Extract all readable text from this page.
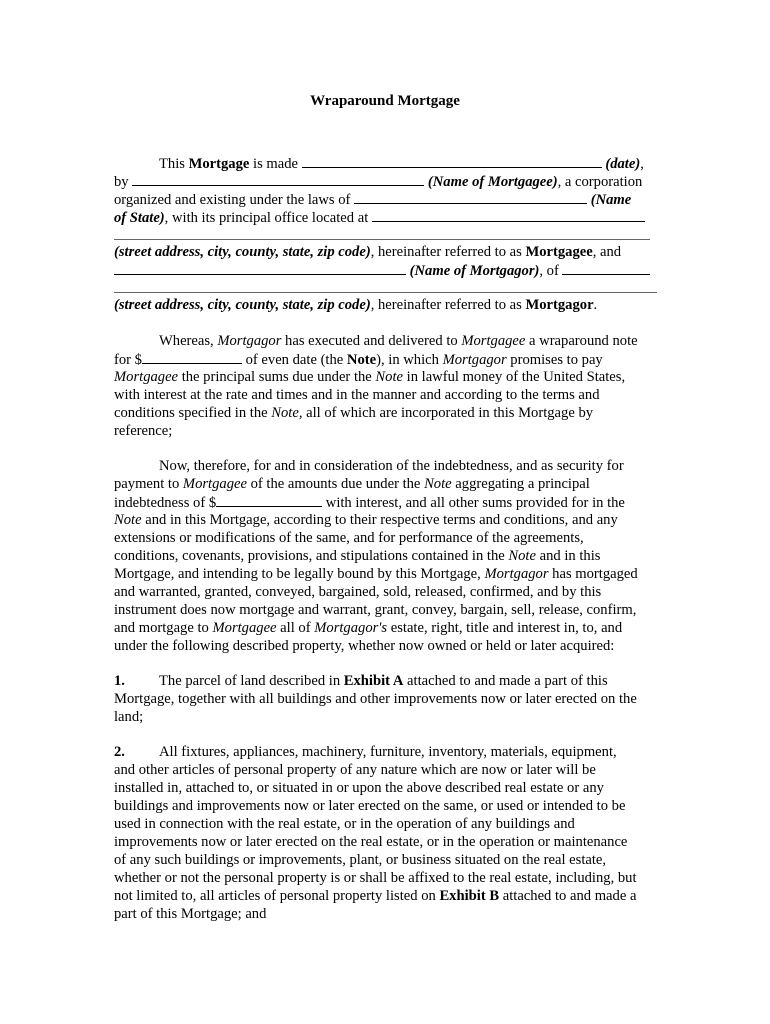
Wraparound Mortgage
This Mortgage is made	(date),
by	(Name of Mortgagee), a corporation
organized and existing under the laws of	(Name
of State), with its principal office located at
(street address, city, county, state, zip code), hereinafter referred to as Mortgagee, and
(Name of Mortgagor), of
(street address, city, county, state, zip code), hereinafter referred to as Mortgagor.
Whereas, Mortgagor has executed and delivered to Mortgagee a wraparound note
for $	of even date (the Note), in which Mortgagor promises to pay
Mortgagee the principal sums due under the Note in lawful money of the United States,
with interest at the rate and times and in the manner and according to the terms and
conditions specified in the Note, all of which are incorporated in this Mortgage by
reference;
Now, therefore, for and in consideration of the indebtedness, and as security for
payment to Mortgagee of the amounts due under the Note aggregating a principal
indebtedness of $	with interest, and all other sums provided for in the
Note and in this Mortgage, according to their respective terms and conditions, and any
extensions or modifications of the same, and for performance of the agreements,
conditions, covenants, provisions, and stipulations contained in the Note and in this
Mortgage, and intending to be legally bound by this Mortgage, Mortgagor has mortgaged
and warranted, granted, conveyed, bargained, sold, released, confirmed, and by this
instrument does now mortgage and warrant, grant, convey, bargain, sell, release, confirm,
and mortgage to Mortgagee all of Mortgagor's estate, right, title and interest in, to, and
under the following described property, whether now owned or held or later acquired:
1. The parcel of land described in Exhibit A attached to and made a part of this
Mortgage, together with all buildings and other improvements now or later erected on the
land;
2. All fixtures, appliances, machinery, furniture, inventory, materials, equipment,
and other articles of personal property of any nature which are now or later will be
installed in, attached to, or situated in or upon the above described real estate or any
buildings and improvements now or later erected on the same, or used or intended to be
used in connection with the real estate, or in the operation of any buildings and
improvements now or later erected on the real estate, or in the operation or maintenance
of any such buildings or improvements, plant, or business situated on the real estate,
whether or not the personal property is or shall be affixed to the real estate, including, but
not limited to, all articles of personal property listed on Exhibit B attached to and made a
part of this Mortgage; and
